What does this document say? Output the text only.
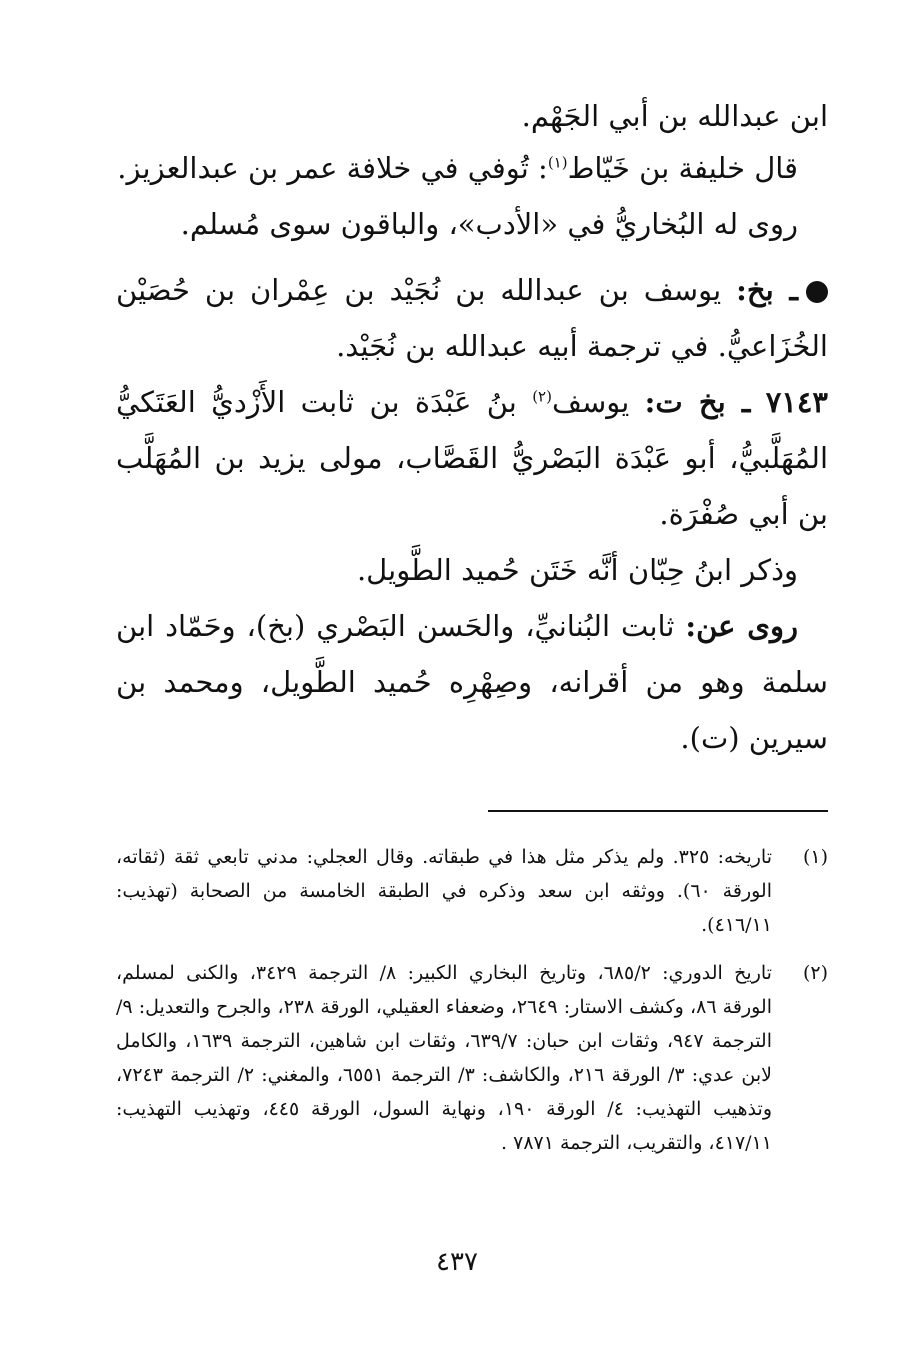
ابن عبدالله بن أبي الجَهْم.

قال خليفة بن خَيّاط$^{(١)}$: تُوفي في خلافة عمر بن عبدالعزيز.

روى له البُخاريُّ في «الأدب»، والباقون سوى مُسلم.

ـ بخ: يوسف بن عبدالله بن نُجَيْد بن عِمْران بن حُصَيْن الخُزَاعيُّ. في ترجمة أبيه عبدالله بن نُجَيْد.

٧١٤٣ ـ بخ ت: يوسف$^{(٢)}$ بنُ عَبْدَة بن ثابت الأَزْديُّ العَتَكيُّ المُهَلَّبيُّ، أبو عَبْدَة البَصْريُّ القَصَّاب، مولى يزيد بن المُهَلَّب بن أبي صُفْرَة.

وذكر ابنُ حِبّان أنَّه خَتَن حُميد الطَّويل.

روى عن: ثابت البُنانيِّ، والحَسن البَصْري (بخ)، وحَمّاد ابن سلمة وهو من أقرانه، وصِهْرِه حُميد الطَّويل، ومحمد بن سيرين (ت).

(١)
تاريخه: ٣٢٥. ولم يذكر مثل هذا في طبقاته. وقال العجلي: مدني تابعي ثقة (ثقاته، الورقة ٦٠). ووثقه ابن سعد وذكره في الطبقة الخامسة من الصحابة (تهذيب: ٤١٦/١١).
(٢)
تاريخ الدوري: ٦٨٥/٢، وتاريخ البخاري الكبير: ٨/ الترجمة ٣٤٢٩، والكنى لمسلم، الورقة ٨٦، وكشف الاستار: ٢٦٤٩، وضعفاء العقيلي، الورقة ٢٣٨، والجرح والتعديل: ٩/ الترجمة ٩٤٧، وثقات ابن حبان: ٦٣٩/٧، وثقات ابن شاهين، الترجمة ١٦٣٩، والكامل لابن عدي: ٣/ الورقة ٢١٦، والكاشف: ٣/ الترجمة ٦٥٥١، والمغني: ٢/ الترجمة ٧٢٤٣، وتذهيب التهذيب: ٤/ الورقة ١٩٠، ونهاية السول، الورقة ٤٤٥، وتهذيب التهذيب: ٤١٧/١١، والتقريب، الترجمة ٧٨٧١ .
٤٣٧
